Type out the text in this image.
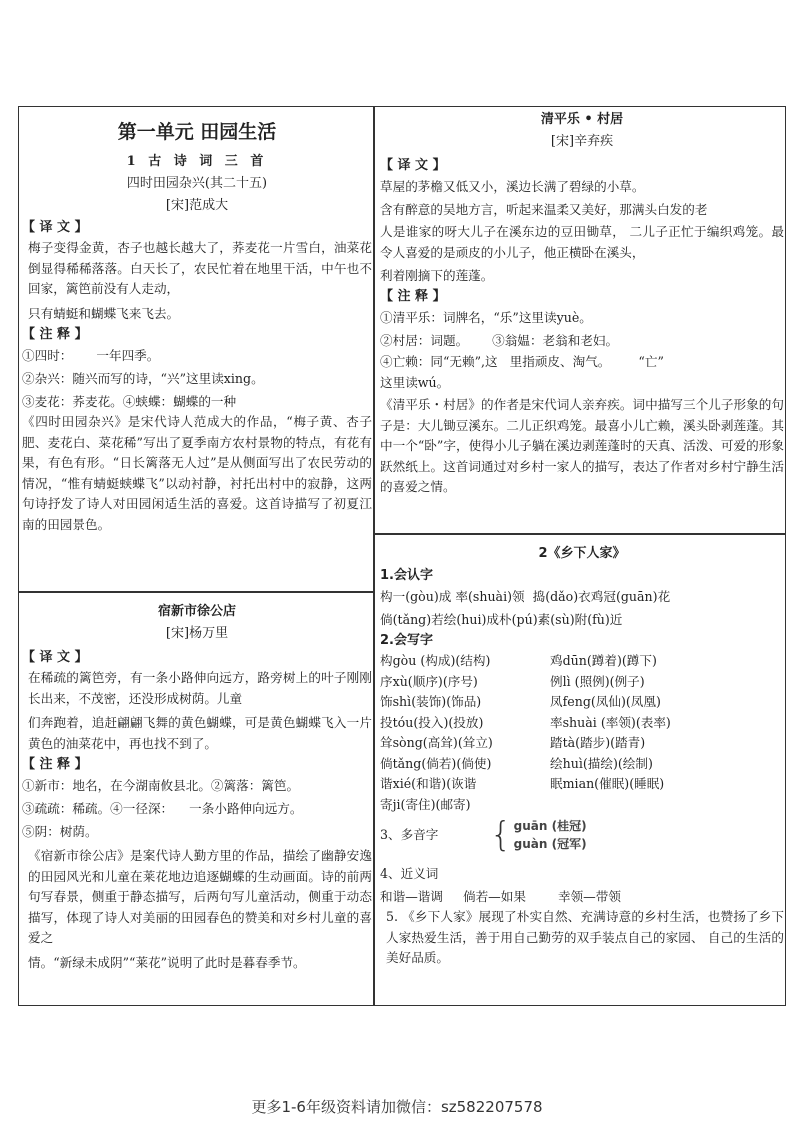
第一单元 田园生活
1 古 诗 词 三 首
四时田园杂兴(其二十五)
[宋]范成大
【 译 文 】
梅子变得金黄，杏子也越长越大了，荞麦花一片雪白，油菜花倒显得稀稀落落。白天长了，农民忙着在地里干活，中午也不回家，篱笆前没有人走动，
只有蜻蜓和蝴蝶飞来飞去。
【 注 释 】
①四时：      一年四季。
②杂兴：随兴而写的诗，“兴”这里读xing。
③麦花：荞麦花。④蛱蝶：蝴蝶的一种
《四时田园杂兴》是宋代诗人范成大的作品，“梅子黄、杏子肥、麦花白、菜花稀”写出了夏季南方农村景物的特点，有花有果，有色有形。“日长篱落无人过”是从侧面写出了农民劳动的情况，“惟有蜻蜓蛱蝶飞”以动衬静，衬托出村中的寂静，这两句诗抒发了诗人对田园闲适生活的喜爱。这首诗描写了初夏江南的田园景色。
宿新市徐公店
[宋]杨万里
【 译 文 】
在稀疏的篱笆旁，有一条小路伸向远方，路旁树上的叶子刚刚长出来，不茂密，还没形成树荫。儿童
们奔跑着，追赶翩翩飞舞的黄色蝴蝶，可是黄色蝴蝶飞入一片黄色的油菜花中，再也找不到了。
【 注 释 】
①新市：地名，在今湖南攸县北。②篱落：篱笆。
③疏疏：稀疏。④一径深：    一条小路伸向远方。
⑤阴：树荫。
《宿新市徐公店》是案代诗人勤方里的作品，描绘了幽静安逸的田园风光和儿童在莱花地边追逐蝴蝶的生动画面。诗的前两句写春景，侧重于静态描写，后两句写儿童活动，侧重于动态描写，体现了诗人对美丽的田园春色的赞美和对乡村儿童的喜爱之
情。“新绿未成阴”“莱花”说明了此时是暮春季节。
清平乐 • 村居
[宋]辛弃疾
【 译 文 】
草屋的茅檐又低又小，溪边长满了碧绿的小草。
含有醉意的吴地方言，听起来温柔又美好，那满头白发的老
人是谁家的呀大儿子在溪东边的豆田锄草， 二儿子正忙于编织鸡笼。最令人喜爱的是顽皮的小儿子，他正横卧在溪头，
利着刚摘下的莲蓬。
【 注 释 】
①清平乐：词牌名，“乐”这里读yuè。
②村居：词题。      ③翁媪：老翁和老妇。
④亡赖：同“无赖”,这   里指顽皮、淘气。       “亡”
这里读wú。
《清平乐・村居》的作者是宋代词人亲弃疾。词中描写三个儿子形象的句子是：大儿锄豆溪东。二儿正织鸡笼。最喜小儿亡赖，溪头卧剥莲蓬。其中一个“卧”字，使得小儿子躺在溪边剥莲蓬时的天真、活泼、可爱的形象跃然纸上。这首词通过对乡村一家人的描写，表达了作者对乡村宁静生活的喜爱之情。
2《乡下人家》
1.会认字
构一(gòu)成 率(shuài)领  捣(dǎo)衣鸡冠(guān)花
倘(tǎng)若绘(hui)成朴(pú)素(sù)附(fù)近
2.会写字
构gòu (构成)(结构)	鸡dūn(蹲着)(蹲下)
序xù(顺序)(序号)	例lì (照例)(例子)
饰shì(装饰)(饰品)	凤feng(凤仙)(凤凰)
投tóu(投入)(投放)	率shuài (率领)(表率)
耸sòng(高耸)(耸立)	踏tà(踏步)(踏青)
倘tǎng(倘若)(倘使)	绘huì(描绘)(绘制)
谐xié(和谐)(诙谐	眠mian(催眠)(睡眠)
寄ji(寄住)(邮寄)
3、多音字	{ guān (桂冠)
guàn (冠军)
4、近义词
和谐—谐调     倘若—如果        幸领—带领
5. 《乡下人家》展现了朴实自然、充满诗意的乡村生活，也赞扬了乡下人家热爱生活，善于用自己勤劳的双手装点自己的家园、 自己的生活的美好品质。
更多1-6年级资料请加微信：sz582207578
